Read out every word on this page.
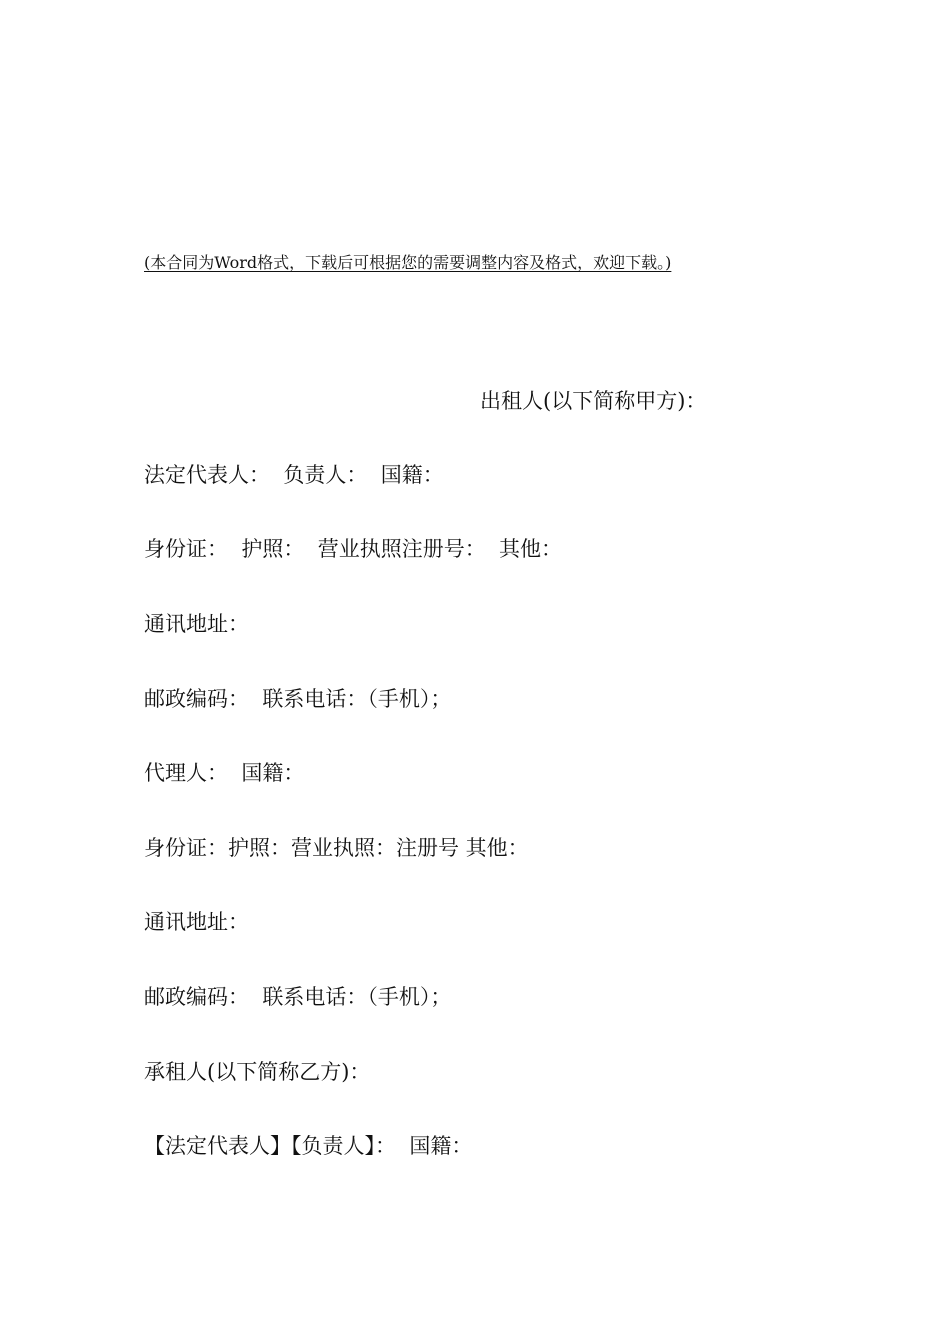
(本合同为Word格式，下载后可根据您的需要调整内容及格式，欢迎下载。)
出租人(以下简称甲方)：
法定代表人：  负责人：  国籍：
身份证：  护照：  营业执照注册号：  其他：
通讯地址：
邮政编码：  联系电话：（手机）；
代理人：  国籍：
身份证：护照：营业执照：注册号 其他：
通讯地址：
邮政编码：  联系电话：（手机）；
承租人(以下简称乙方)：
【法定代表人】【负责人】：  国籍：
